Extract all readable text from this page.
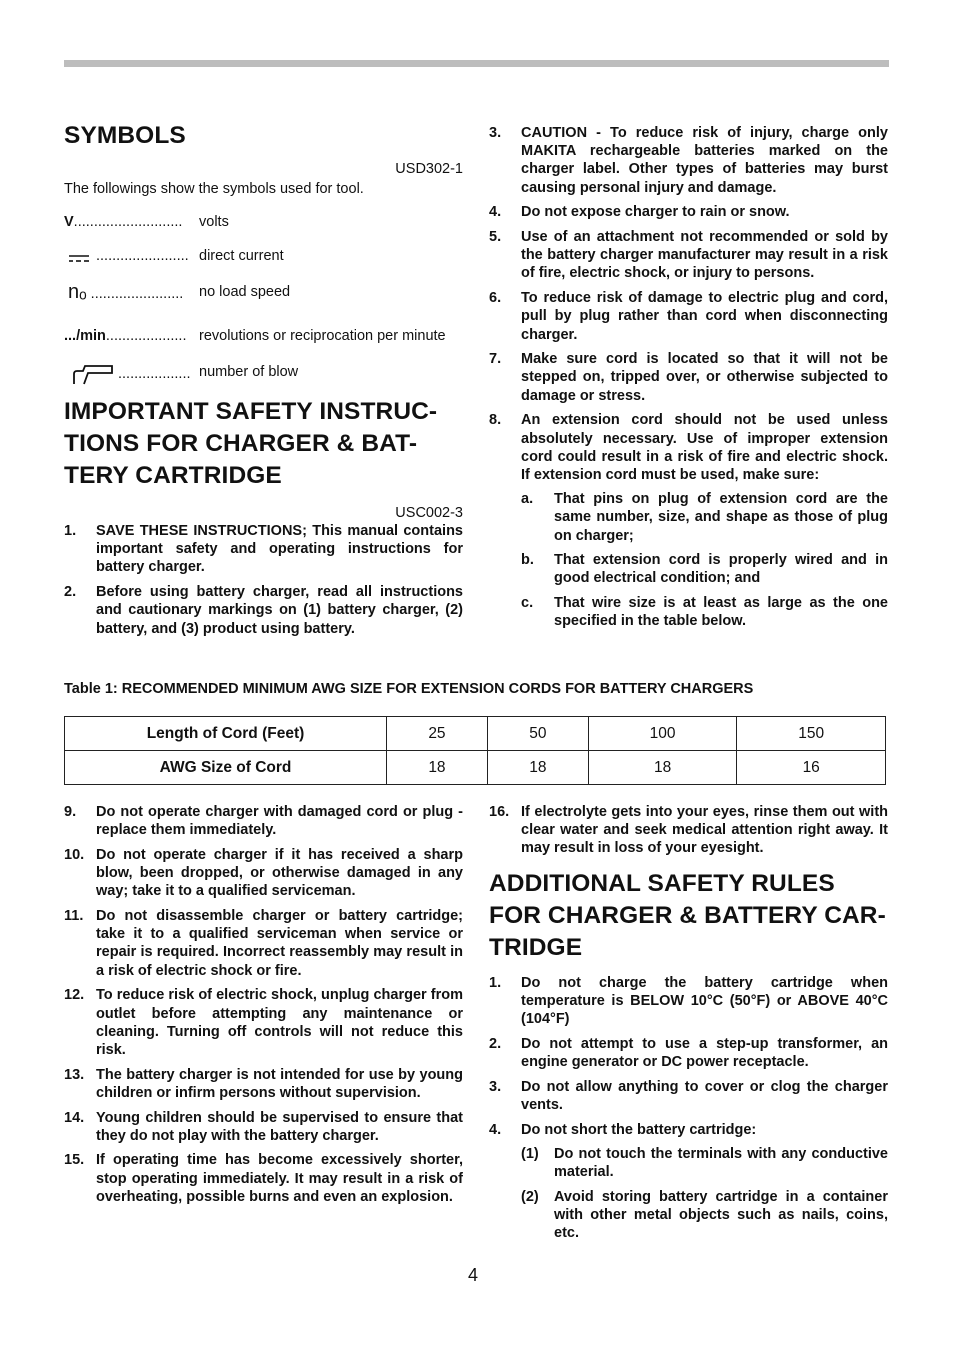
SYMBOLS

USD302-1

The followings show the symbols used for tool.

V...........................	volts
....................... direct current
nₒ .......................	no load speed
.../min.................... revolutions or reciprocation per minute
.................. number of blow
IMPORTANT SAFETY INSTRUC-
TIONS FOR CHARGER & BAT-
TERY CARTRIDGE

USC002-3

1. SAVE THESE INSTRUCTIONS; This manual contains important safety and operating instructions for battery charger.
2. Before using battery charger, read all instructions and cautionary markings on (1) battery charger, (2) battery, and (3) product using battery.
3. CAUTION - To reduce risk of injury, charge only MAKITA rechargeable batteries marked on the charger label. Other types of batteries may burst causing personal injury and damage.
4. Do not expose charger to rain or snow.
5. Use of an attachment not recommended or sold by the battery charger manufacturer may result in a risk of fire, electric shock, or injury to persons.
6. To reduce risk of damage to electric plug and cord, pull by plug rather than cord when disconnecting charger.
7. Make sure cord is located so that it will not be stepped on, tripped over, or otherwise subjected to damage or stress.
8. An extension cord should not be used unless absolutely necessary. Use of improper extension cord could result in a risk of fire and electric shock. If extension cord must be used, make sure:
a. That pins on plug of extension cord are the same number, size, and shape as those of plug on charger;
b. That extension cord is properly wired and in good electrical condition; and
c. That wire size is at least as large as the one specified in the table below.
Table 1: RECOMMENDED MINIMUM AWG SIZE FOR EXTENSION CORDS FOR BATTERY CHARGERS
Length of Cord (Feet)	25	50	100	150
AWG Size of Cord	18	18	18	16
9. Do not operate charger with damaged cord or plug - replace them immediately.
10. Do not operate charger if it has received a sharp blow, been dropped, or otherwise damaged in any way; take it to a qualified serviceman.
11. Do not disassemble charger or battery cartridge; take it to a qualified serviceman when service or repair is required. Incorrect reassembly may result in a risk of electric shock or fire.
12. To reduce risk of electric shock, unplug charger from outlet before attempting any maintenance or cleaning. Turning off controls will not reduce this risk.
13. The battery charger is not intended for use by young children or infirm persons without supervision.
14. Young children should be supervised to ensure that they do not play with the battery charger.
15. If operating time has become excessively shorter, stop operating immediately. It may result in a risk of overheating, possible burns and even an explosion.
16. If electrolyte gets into your eyes, rinse them out with clear water and seek medical attention right away. It may result in loss of your eyesight.
ADDITIONAL SAFETY RULES
FOR CHARGER & BATTERY CAR-
TRIDGE
1. Do not charge the battery cartridge when temperature is BELOW 10°C (50°F) or ABOVE 40°C (104°F)
2. Do not attempt to use a step-up transformer, an engine generator or DC power receptacle.
3. Do not allow anything to cover or clog the charger vents.
4. Do not short the battery cartridge:
(1) Do not touch the terminals with any conductive material.
(2) Avoid storing battery cartridge in a container with other metal objects such as nails, coins, etc.
4
